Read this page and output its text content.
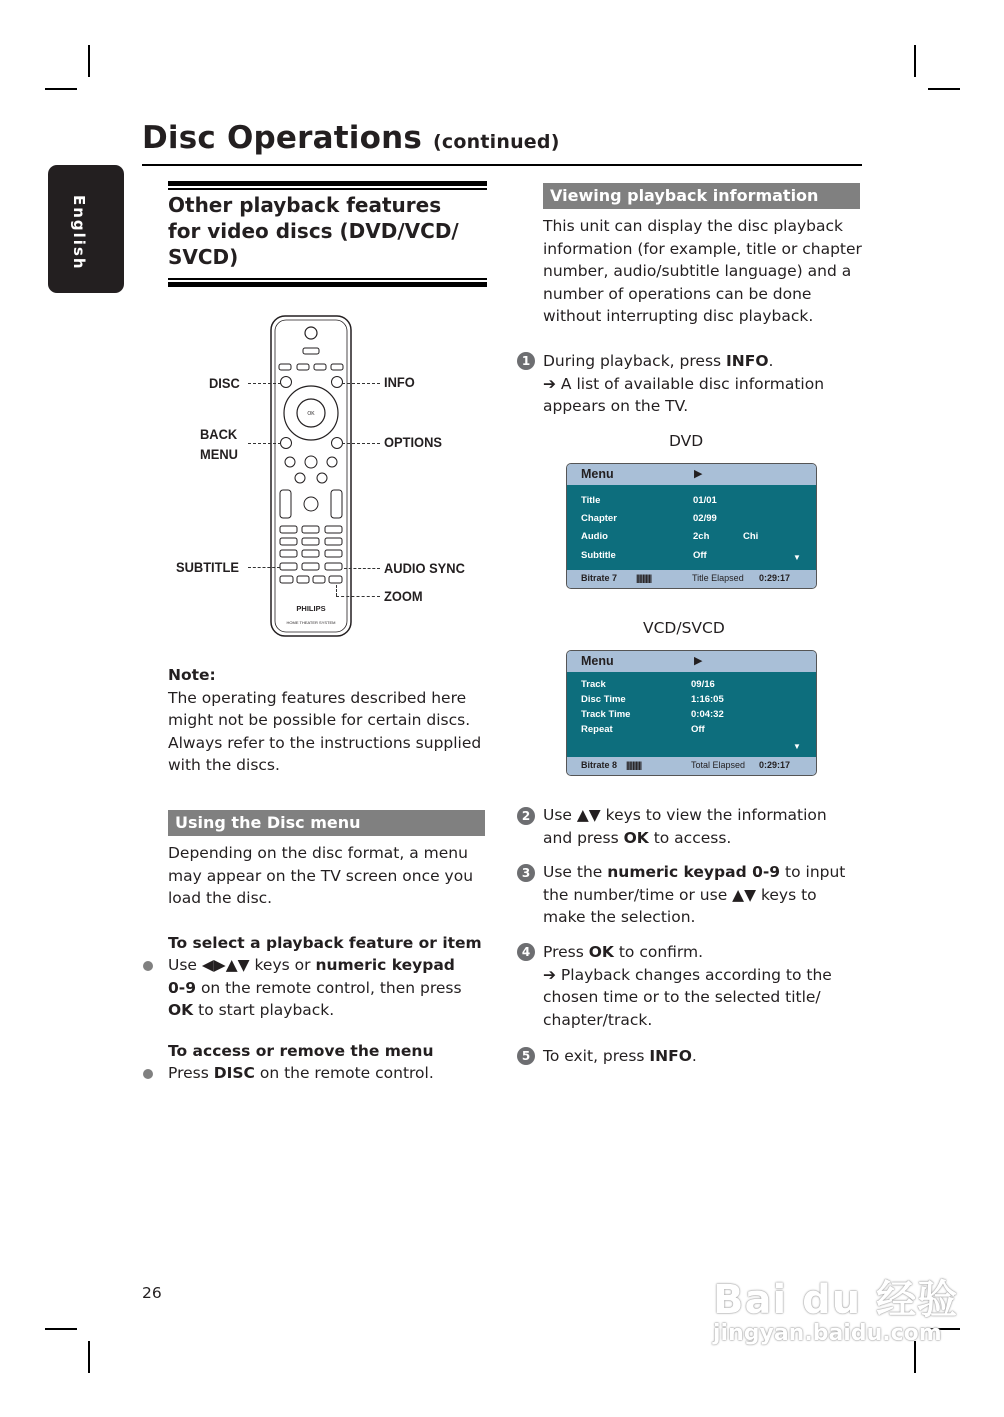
Disc Operations (continued)
English	Other playback features
for video discs (DVD/VCD/
SVCD)
OK
PHILIPS
HOME THEATER SYSTEM
DISC
BACK
MENU
SUBTITLE
INFO
OPTIONS
AUDIO SYNC
ZOOM
Note:
The operating features described here
might not be possible for certain discs.
Always refer to the instructions supplied
with the discs.
Using the Disc menu
Depending on the disc format, a menu
may appear on the TV screen once you
load the disc.
To select a playback feature or item
Use ◀▶▲▼ keys or numeric keypad
0-9 on the remote control, then press
OK to start playback.
To access or remove the menu
Press DISC on the remote control.
Viewing playback information
This unit can display the disc playback
information (for example, title or chapter
number, audio/subtitle language) and a
number of operations can be done
without interrupting disc playback.
1 During playback, press INFO.
➔ A list of available disc information
appears on the TV.
DVD
Menu	▶
Title	01/01
Chapter	02/99
Audio	2ch	Chi
Subtitle	Off	▼
Bitrate 7 ||||||||||	Title Elapsed 0:29:17
VCD/SVCD
Menu	▶
Track	09/16
Disc Time	1:16:05
Track Time	0:04:32
Repeat	Off
▼
Bitrate 8 ||||||||||	Total Elapsed 0:29:17
2 Use ▲▼ keys to view the information
and press OK to access.
3 Use the numeric keypad 0-9 to input
the number/time or use ▲▼ keys to
make the selection.
4 Press OK to confirm.
➔ Playback changes according to the
chosen time or to the selected title/
chapter/track.
5 To exit, press INFO.
26	Bai du 经验
jingyan.baidu.com
